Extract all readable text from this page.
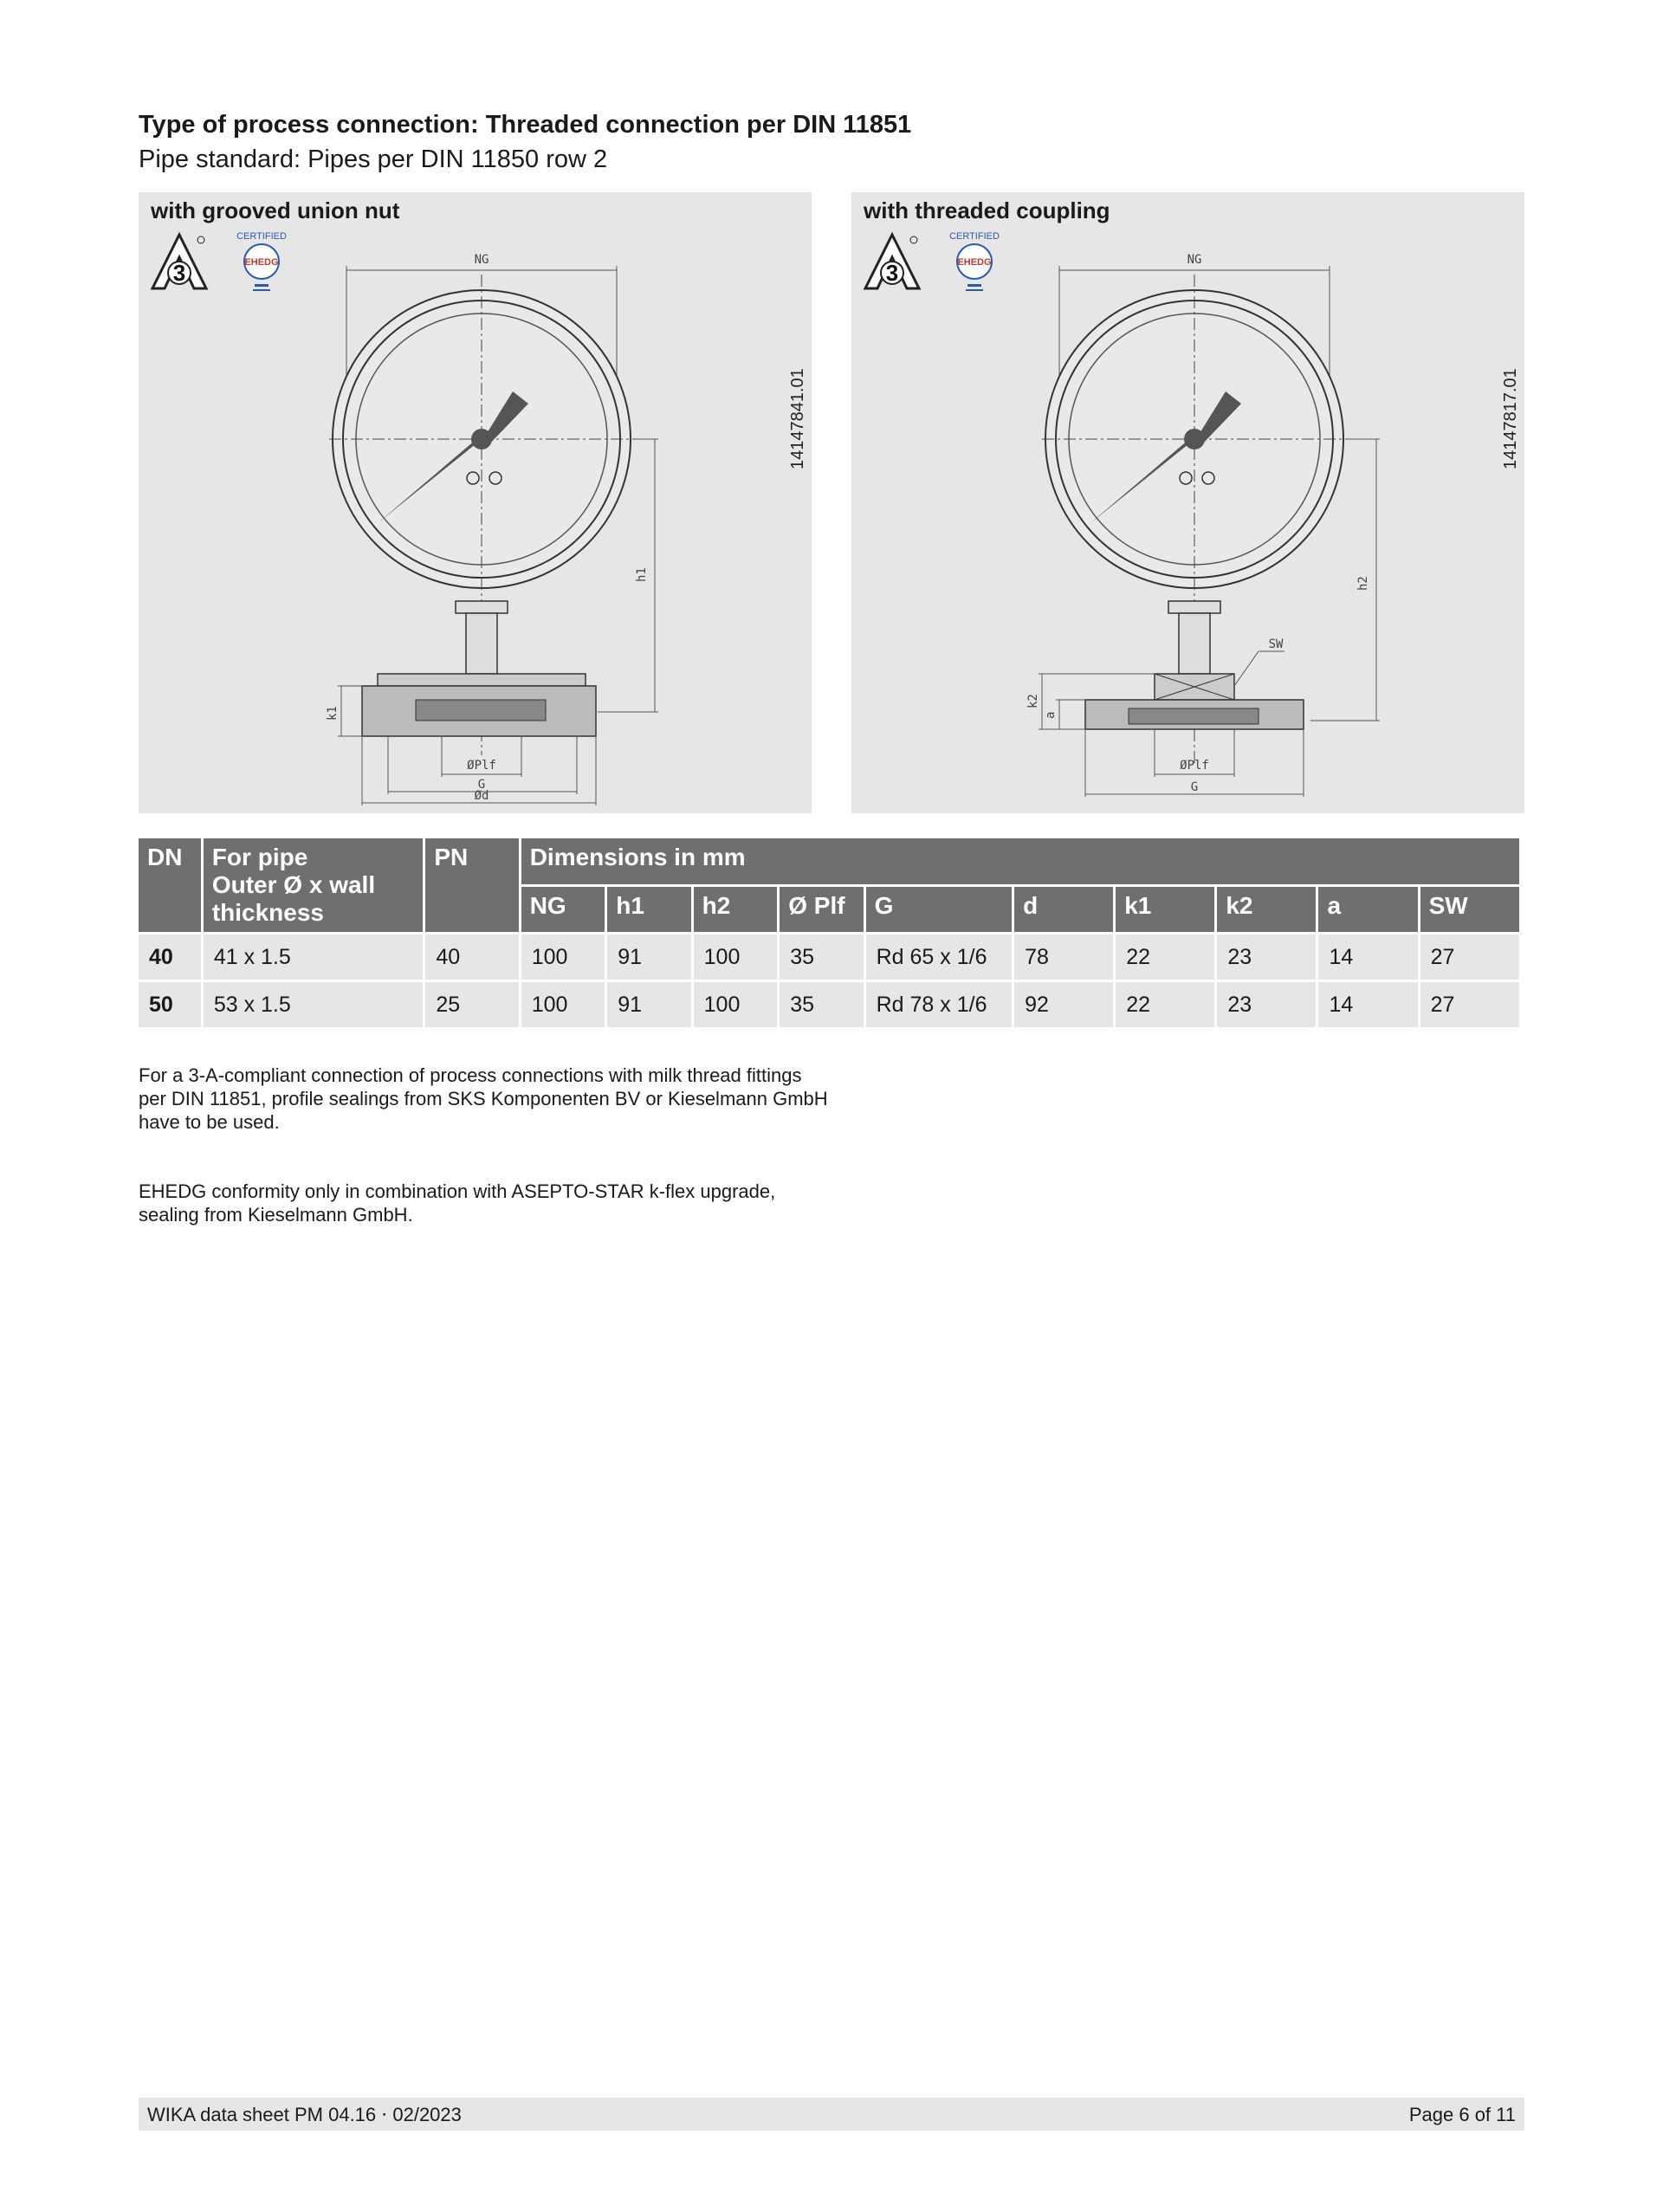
Type of process connection: Threaded connection per DIN 11851
Pipe standard: Pipes per DIN 11850 row 2
with grooved union nut
3
CERTIFIED
EHEDG
14147841.01
NG
h1
k1
ØPlf
G
Ød
with threaded coupling
3
CERTIFIED
EHEDG
14147817.01
NG
SW
h2
k2
a
ØPlf
G
DN	For pipe
Outer Ø x wall thickness	PN	Dimensions in mm									
			NG	h1	h2	Ø Plf	G	d	k1	k2	a	SW
40	41 x 1.5	40	100	91	100	35	Rd 65 x 1/6	78	22	23	14	27
50	53 x 1.5	25	100	91	100	35	Rd 78 x 1/6	92	22	23	14	27
For a 3-A-compliant connection of process connections with milk thread fittings per DIN 11851, profile sealings from SKS Komponenten BV or Kieselmann GmbH have to be used.
EHEDG conformity only in combination with ASEPTO-STAR k-flex upgrade, sealing from Kieselmann GmbH.
WIKA data sheet PM 04.16 ⋅ 02/2023	Page 6 of 11
